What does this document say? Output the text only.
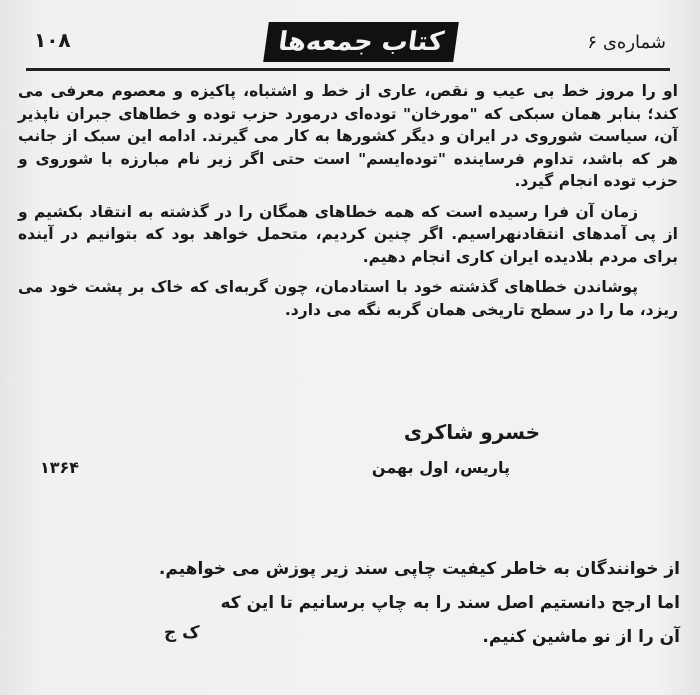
۱۰۸	کتاب جمعه‌ها	شماره‌ی ۶

او را مروز خط بی عیب و نقص، عاری از خط و اشتباه، پاکیزه و معصوم معرفی می کند؛ بنابر همان سبکی که "مورخان" توده‌ای درمورد حزب توده و خطاهای جبران ناپذیر آن، سیاست شوروی در ایران و دیگر کشورها به کار می گیرند. ادامه این سبک از جانب هر که باشد، تداوم فرساینده "توده‌ایسم" است حتی اگر زیر نام مبارزه با شوروی و حزب توده انجام گیرد.

زمان آن فرا رسیده است که همه خطاهای همگان را در گذشته به انتقاد بکشیم و از پی آمدهای انتقادنهراسیم. اگر چنین کردیم، متحمل خواهد بود که بتوانیم در آینده برای مردم بلادیده ایران کاری انجام دهیم.

پوشاندن خطاهای گذشته خود با استادمان، چون گربه‌ای که خاک بر پشت خود می ریزد، ما را در سطح تاریخی همان گربه نگه می دارد.

خسرو شاکری
پاریس، اول بهمن
۱۳۶۴
از خوانندگان به خاطر کیفیت چاپی سند زیر پوزش می خواهیم.
اما ارجح دانستیم اصل سند را به چاپ برسانیم تا این که
آن را از نو ماشین کنیم.
ک ج
